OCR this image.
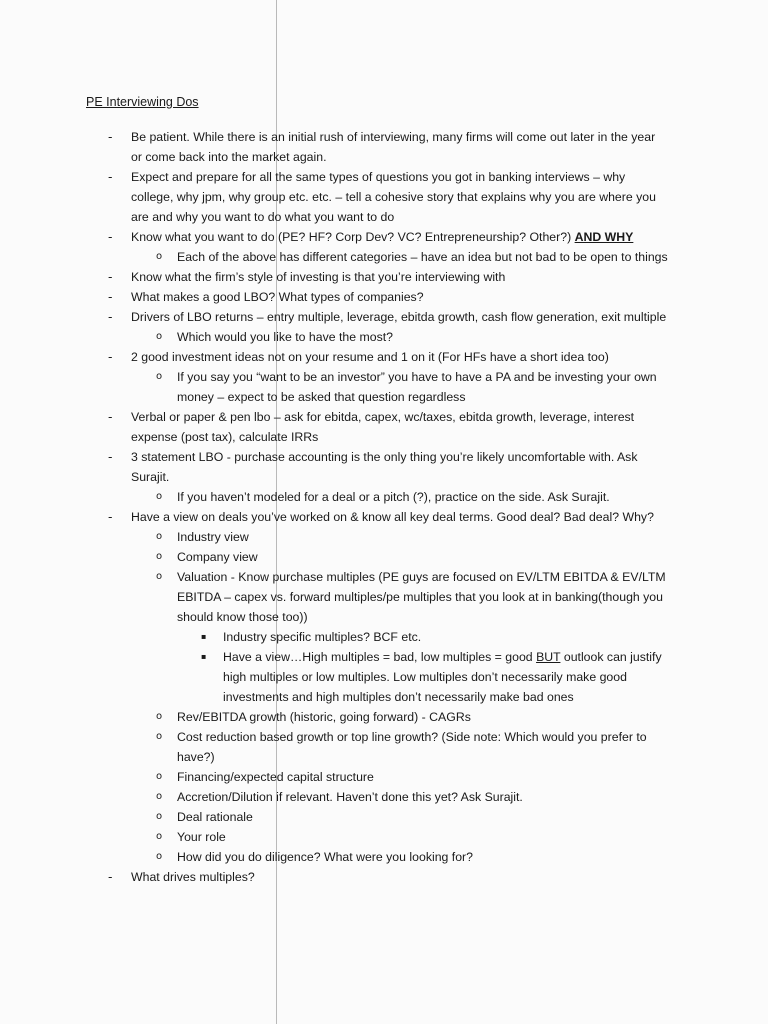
PE Interviewing Dos
- Be patient. While there is an initial rush of interviewing, many firms will come out later in the year or come back into the market again.
- Expect and prepare for all the same types of questions you got in banking interviews – why college, why jpm, why group etc. etc. – tell a cohesive story that explains why you are where you are and why you want to do what you want to do
- Know what you want to do (PE? HF? Corp Dev? VC? Entrepreneurship? Other?) AND WHY
o Each of the above has different categories – have an idea but not bad to be open to things
- Know what the firm’s style of investing is that you’re interviewing with
- What makes a good LBO? What types of companies?
- Drivers of LBO returns – entry multiple, leverage, ebitda growth, cash flow generation, exit multiple
o Which would you like to have the most?
- 2 good investment ideas not on your resume and 1 on it (For HFs have a short idea too)
o If you say you “want to be an investor” you have to have a PA and be investing your own money – expect to be asked that question regardless
- Verbal or paper & pen lbo – ask for ebitda, capex, wc/taxes, ebitda growth, leverage, interest expense (post tax), calculate IRRs
- 3 statement LBO - purchase accounting is the only thing you’re likely uncomfortable with. Ask Surajit.
o If you haven’t modeled for a deal or a pitch (?), practice on the side. Ask Surajit.
- Have a view on deals you’ve worked on & know all key deal terms. Good deal? Bad deal? Why?
o Industry view
o Company view
o Valuation - Know purchase multiples (PE guys are focused on EV/LTM EBITDA & EV/LTM EBITDA – capex vs. forward multiples/pe multiples that you look at in banking(though you should know those too))
▪ Industry specific multiples? BCF etc.
▪ Have a view…High multiples = bad, low multiples = good BUT outlook can justify high multiples or low multiples. Low multiples don’t necessarily make good investments and high multiples don’t necessarily make bad ones
o Rev/EBITDA growth (historic, going forward) - CAGRs
o Cost reduction based growth or top line growth? (Side note: Which would you prefer to have?)
o Financing/expected capital structure
o Accretion/Dilution if relevant. Haven’t done this yet? Ask Surajit.
o Deal rationale
o Your role
o How did you do diligence? What were you looking for?
- What drives multiples?
